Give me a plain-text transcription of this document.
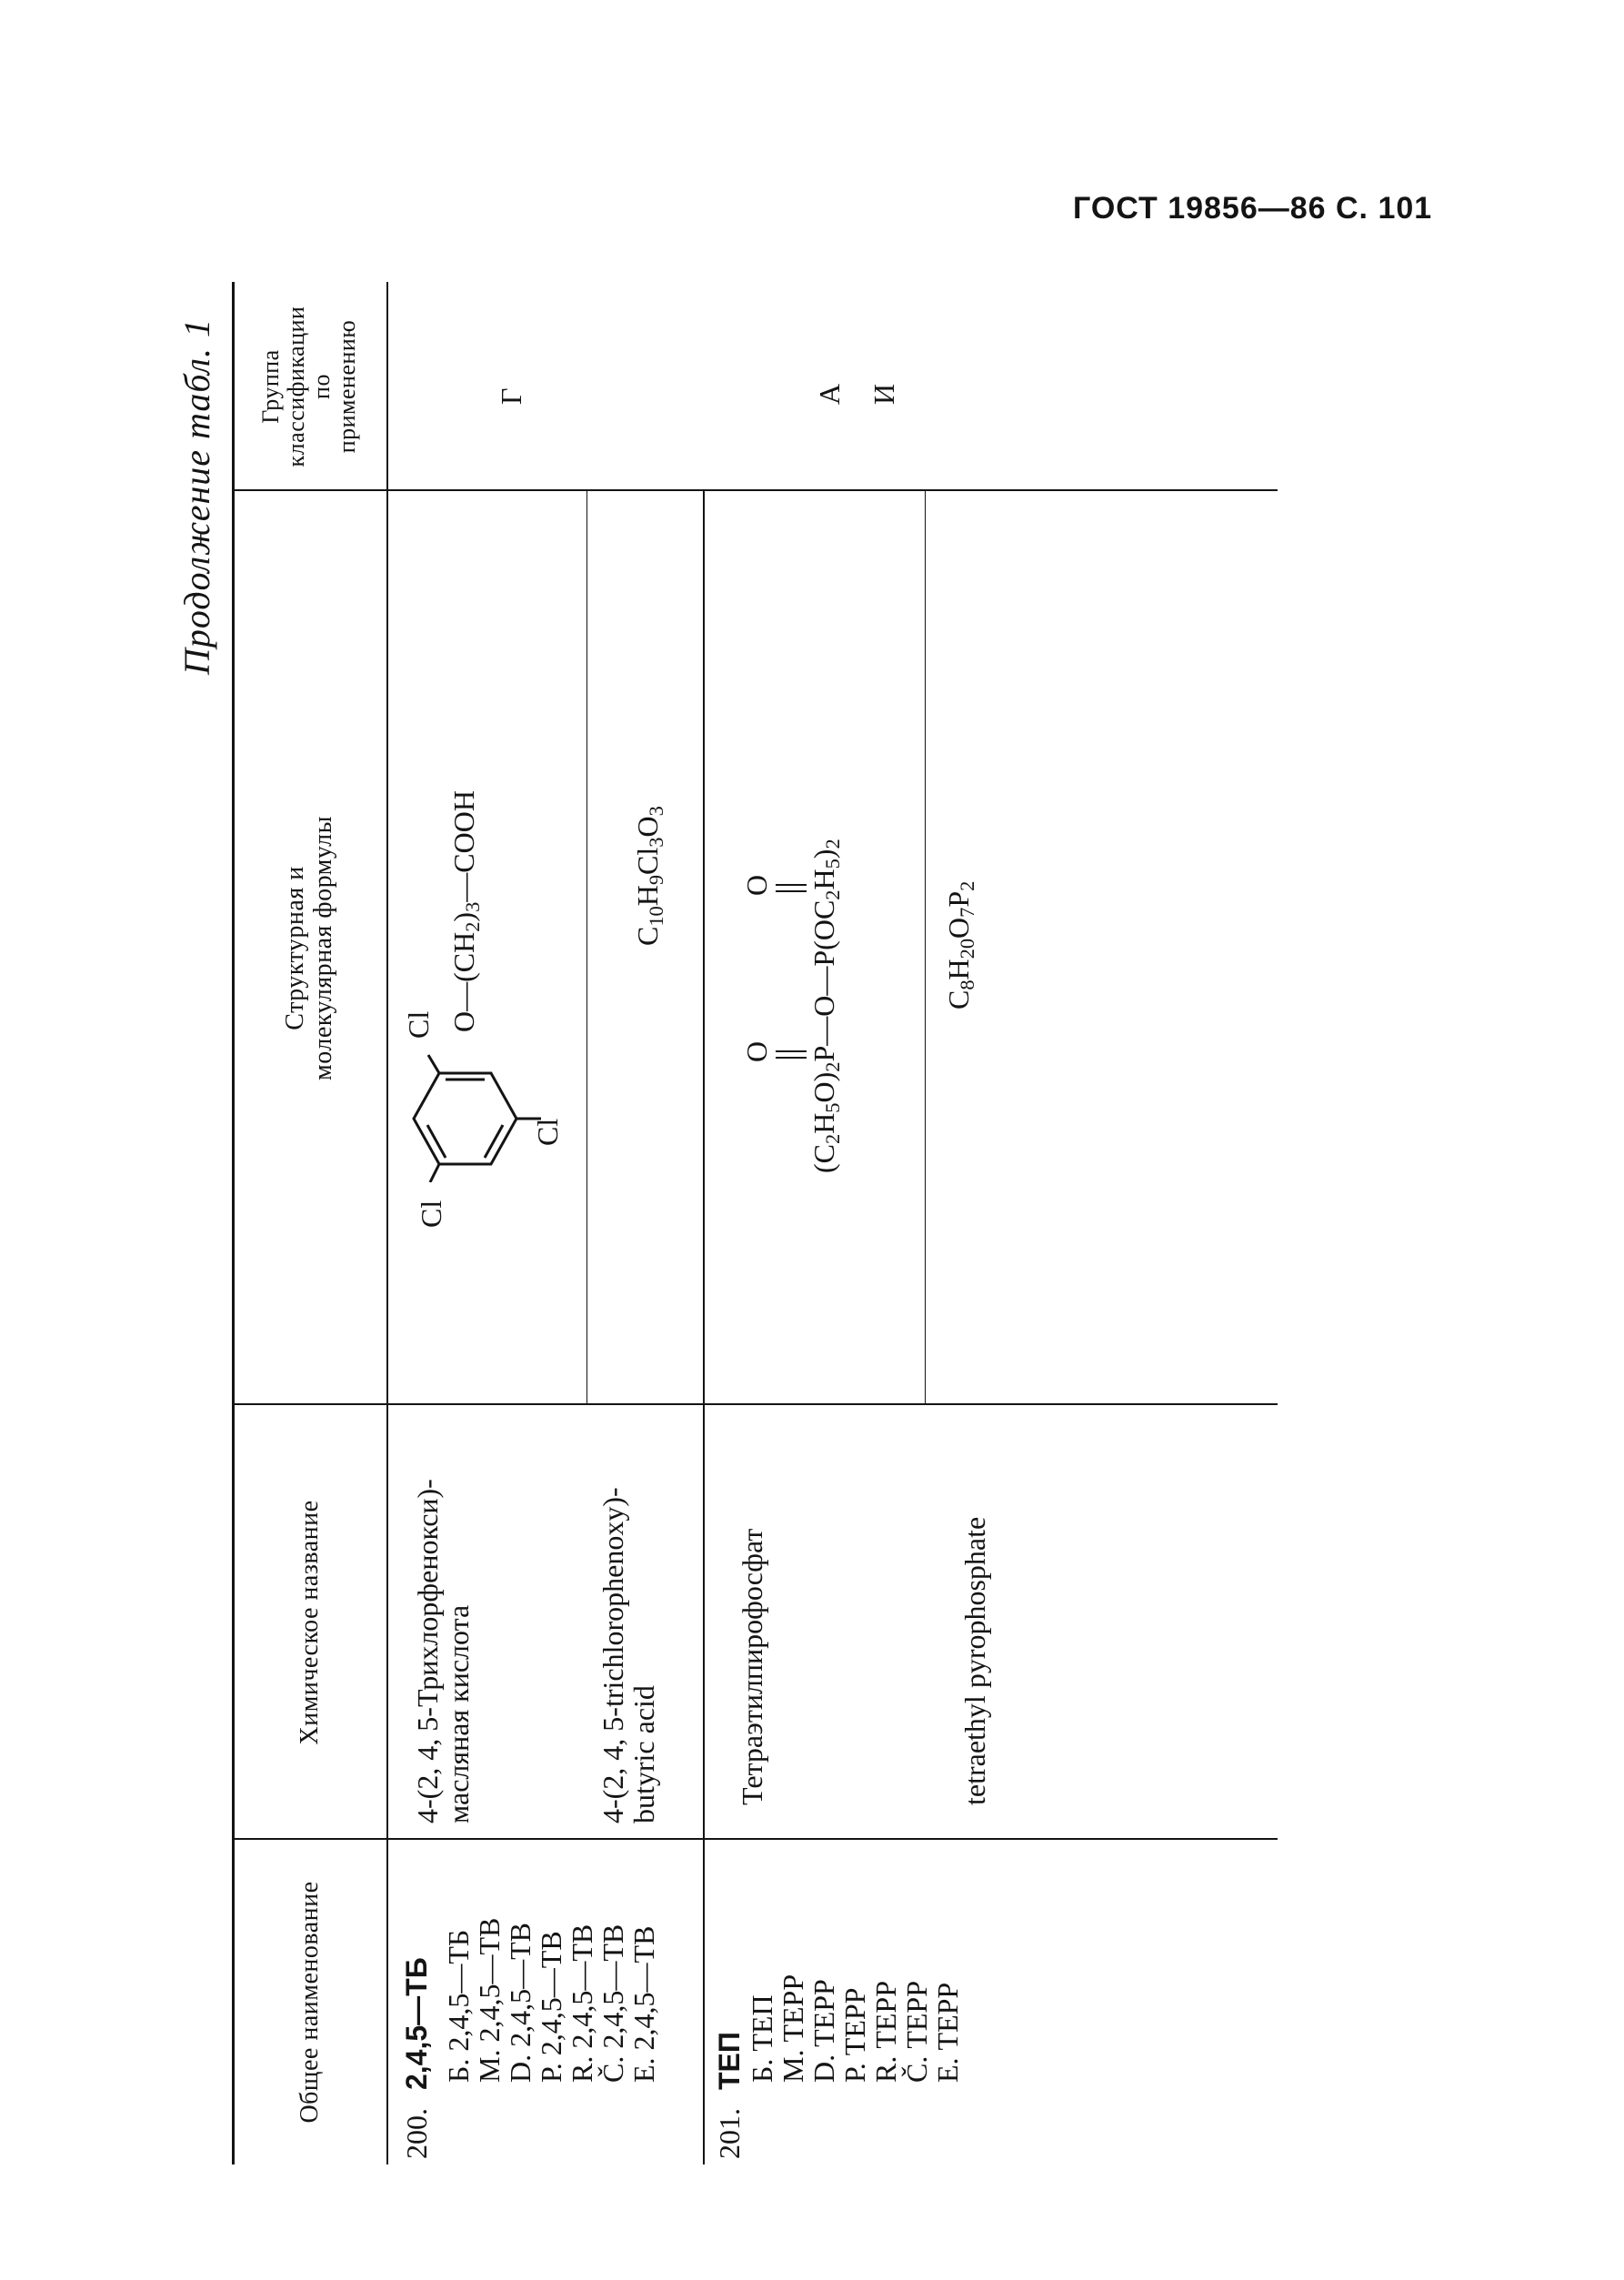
ГОСТ 19856—86 С. 101
Продолжение табл. 1
Общее наименование
Химическое название
Структурная и молекулярная формулы
Группа классификации по применению
200.
2,4,5—ТБ Б. 2,4,5—ТБ
М. 2,4,5—ТВ
D. 2,4,5—ТВ
Р. 2,4,5—ТВ
R. 2,4,5—ТВ
Č. 2,4,5—ТВ
E. 2,4,5—ТВ
4-(2, 4, 5-Трихлорфенокси)-
масляная кислота	4-(2, 4, 5-trichlorophenoxy)-
butyric acid
Cl
Cl
Cl $O—(CH_2)_3—COOH$
$C_{10}H_9Cl_3O_3$
Г
201.
ТЕП Б. ТЕП
М. ТЕРР
D. ТЕРР
Р. ТЕРР
R. ТЕРР
Č. ТЕРР
E. ТЕРР
Тетраэтилпирофосфат	tetraethyl pyrophosphate
O
O
$(C_2H_5O)_2P—O—P(OC_2H_5)_2$
$C_8H_{20}O_7P_2$
А И
